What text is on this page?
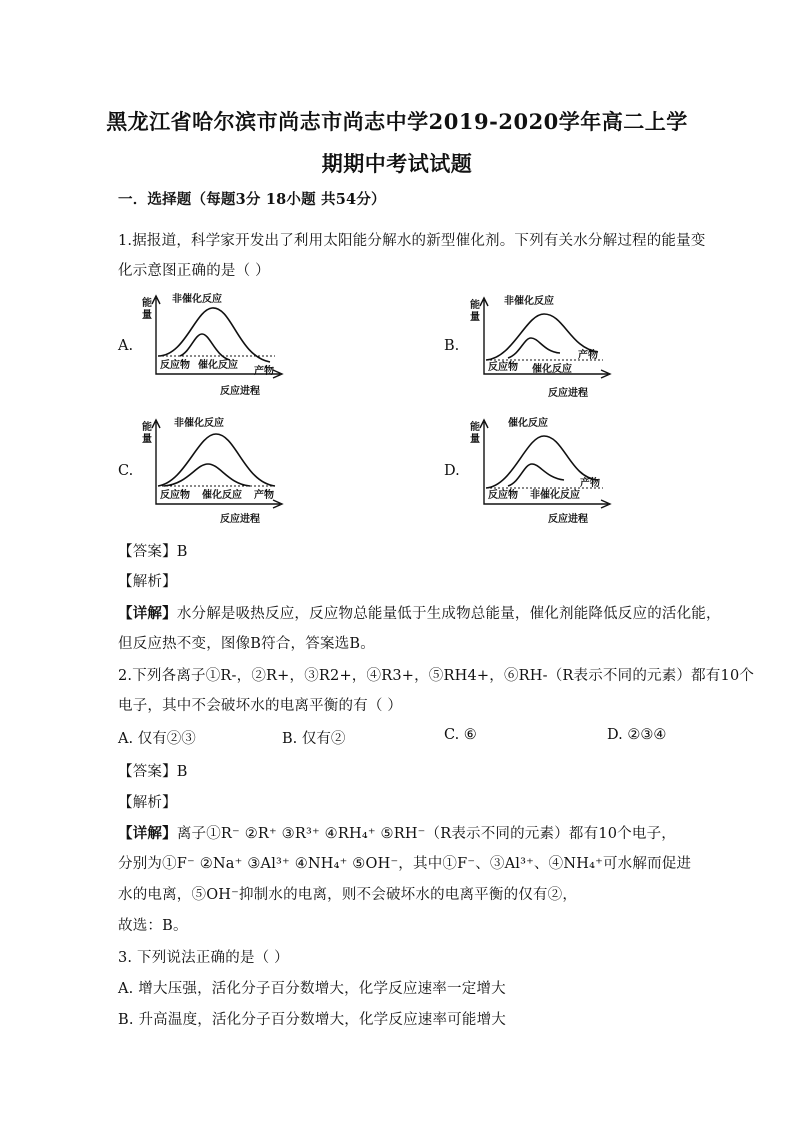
黑龙江省哈尔滨市尚志市尚志中学2019-2020学年高二上学
期期中考试试题
一．选择题（每题3分 18小题 共54分）
1.据报道，科学家开发出了利用太阳能分解水的新型催化剂。下列有关水分解过程的能量变
化示意图正确的是（ ）
A.	B.
C.	D.
能
量
非催化反应
反应物 催化反应
产物
反应进程
能
量
非催化反应
反应物 催化反应
产物
反应进程
能
量
非催化反应
反应物 催化反应 产物
反应进程
能
量
催化反应
反应物 非催化反应
产物
反应进程
【答案】B
【解析】
【详解】水分解是吸热反应，反应物总能量低于生成物总能量，催化剂能降低反应的活化能，
但反应热不变，图像B符合，答案选B。
2.下列各离子①R-，②R+，③R2+，④R3+，⑤RH4+，⑥RH-（R表示不同的元素）都有10个
电子，其中不会破坏水的电离平衡的有（ ）
A. 仅有②③	B. 仅有②	C. ⑥	D. ②③④
【答案】B
【解析】
【详解】离子①R⁻ ②R⁺ ③R³⁺ ④RH₄⁺ ⑤RH⁻（R表示不同的元素）都有10个电子，
分别为①F⁻ ②Na⁺ ③Al³⁺ ④NH₄⁺ ⑤OH⁻，其中①F⁻、③Al³⁺、④NH₄⁺可水解而促进
水的电离，⑤OH⁻抑制水的电离，则不会破坏水的电离平衡的仅有②，
故选：B。
3. 下列说法正确的是（ ）
A. 增大压强，活化分子百分数增大，化学反应速率一定增大
B. 升高温度，活化分子百分数增大，化学反应速率可能增大
